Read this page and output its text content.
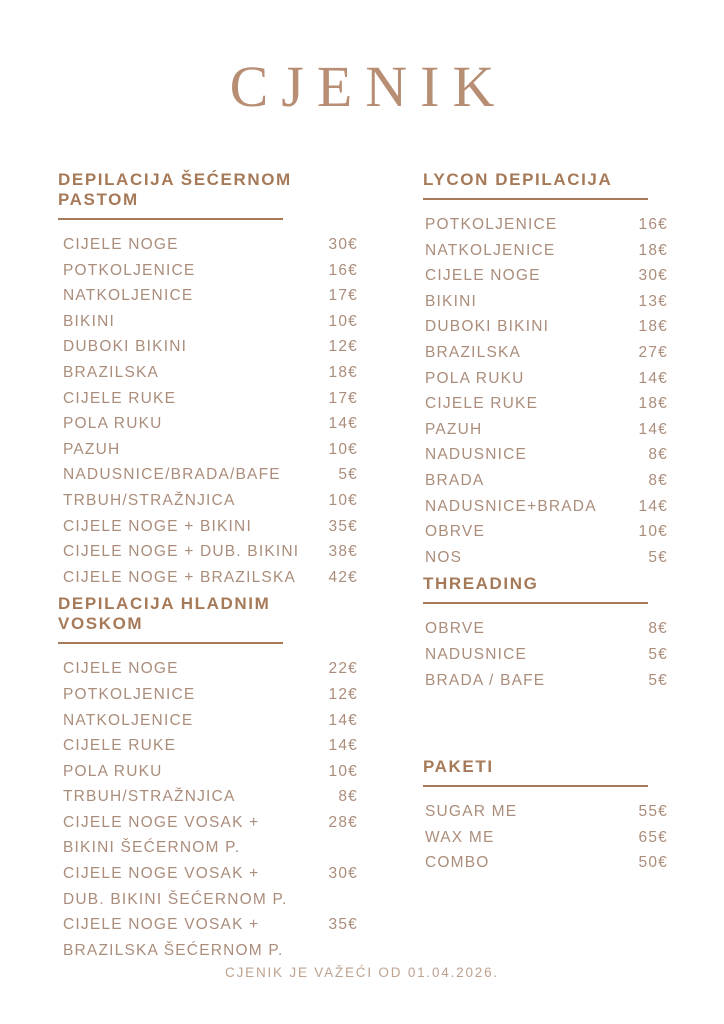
CJENIK
DEPILACIJA ŠEĆERNOM PASTOM
CIJELE NOGE	30€
POTKOLJENICE	16€
NATKOLJENICE	17€
BIKINI	10€
DUBOKI BIKINI	12€
BRAZILSKA	18€
CIJELE RUKE	17€
POLA RUKU	14€
PAZUH	10€
NADUSNICE/BRADA/BAFE	5€
TRBUH/STRAŽNJICA	10€
CIJELE NOGE + BIKINI	35€
CIJELE NOGE + DUB. BIKINI	38€
CIJELE NOGE + BRAZILSKA	42€
DEPILACIJA HLADNIM VOSKOM
CIJELE NOGE	22€
POTKOLJENICE	12€
NATKOLJENICE	14€
CIJELE RUKE	14€
POLA RUKU	10€
TRBUH/STRAŽNJICA	8€
CIJELE NOGE VOSAK +
BIKINI ŠEĆERNOM P.
28€
CIJELE NOGE VOSAK +
DUB. BIKINI ŠEĆERNOM P.
30€
CIJELE NOGE VOSAK +
BRAZILSKA ŠEĆERNOM P.
35€
LYCON DEPILACIJA
POTKOLJENICE	16€
NATKOLJENICE	18€
CIJELE NOGE	30€
BIKINI	13€
DUBOKI BIKINI	18€
BRAZILSKA	27€
POLA RUKU	14€
CIJELE RUKE	18€
PAZUH	14€
NADUSNICE	8€
BRADA	8€
NADUSNICE+BRADA	14€
OBRVE	10€
NOS	5€
THREADING
OBRVE	8€
NADUSNICE	5€
BRADA / BAFE	5€
PAKETI
SUGAR ME	55€
WAX ME	65€
COMBO	50€
CJENIK JE VAŽEĆI OD 01.04.2026.
